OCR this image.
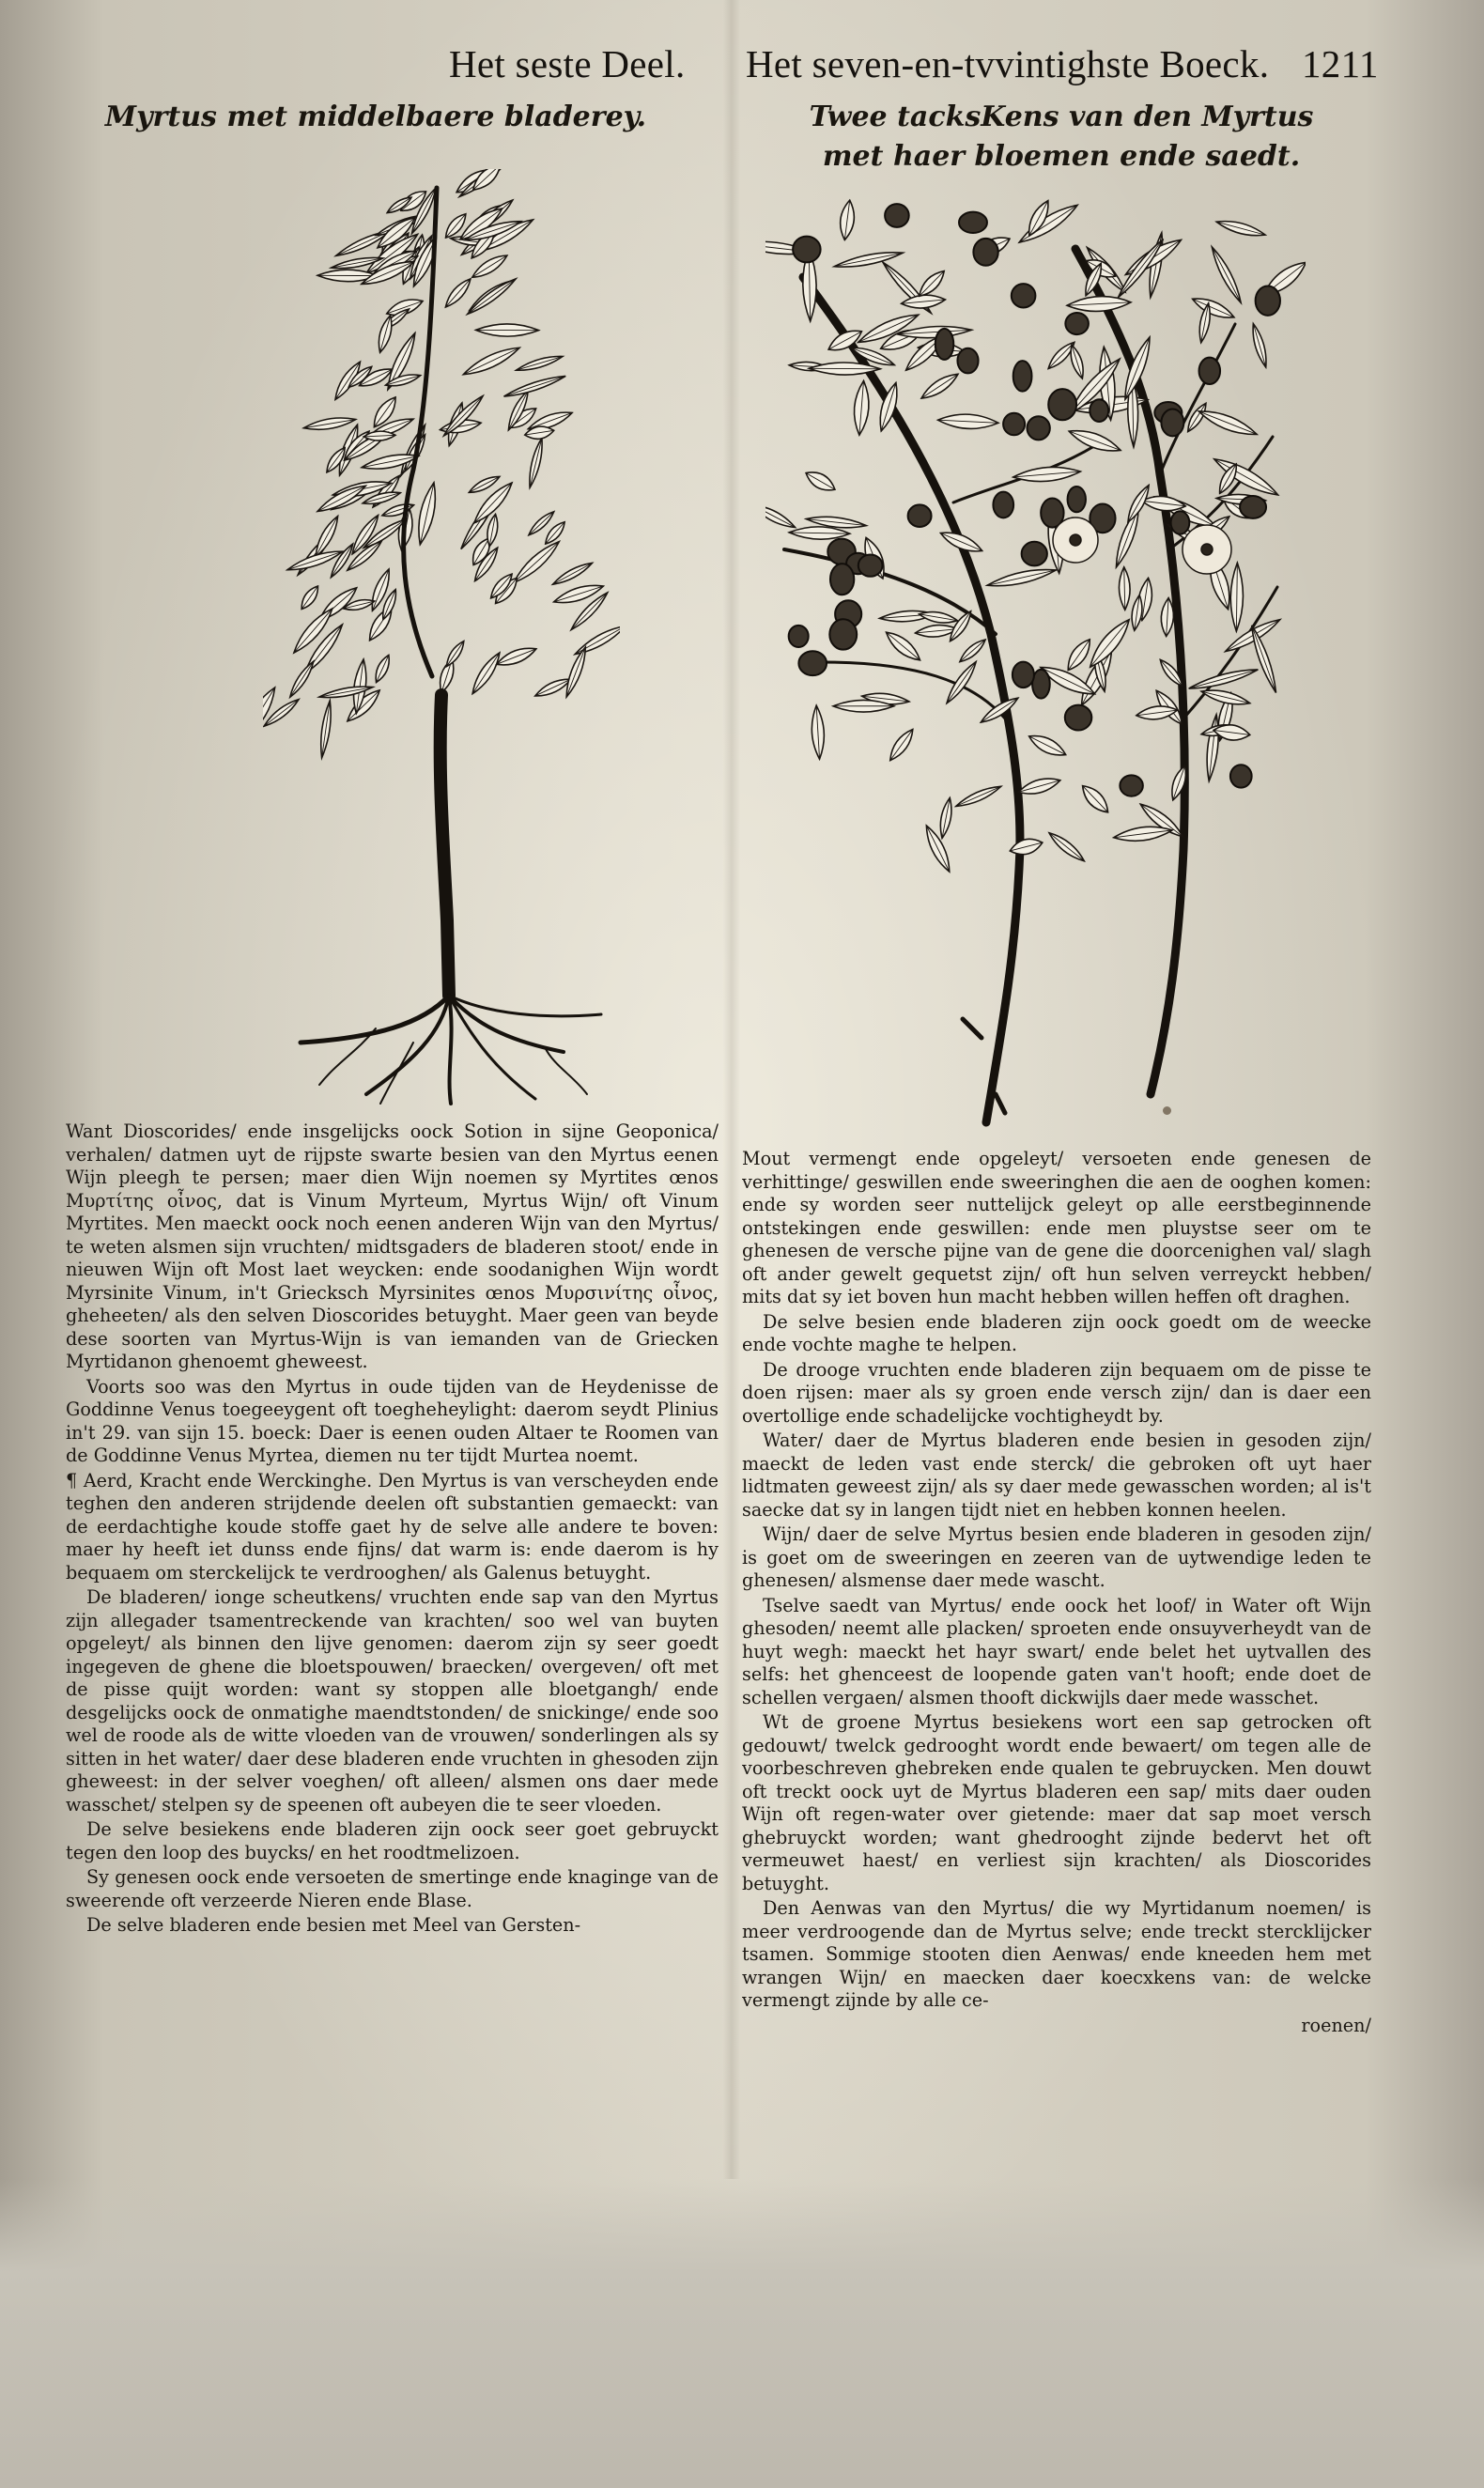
Het seste Deel. Het seven-en-tvvintighste Boeck. 1211
Myrtus met middelbaere bladerey.	Twee tacksKens van den Myrtus
met haer bloemen ende saedt.

Want Dioscorides/ ende insgelijcks oock Sotion in sijne Geoponica/ verhalen/ datmen uyt de rijpste swarte besien van den Myrtus eenen Wijn pleegh te persen; maer dien Wijn noemen sy Myrtites œnos Μυρτίτης οἶνος, dat is Vinum Myrteum, Myrtus Wijn/ oft Vinum Myrtites. Men maeckt oock noch eenen anderen Wijn van den Myrtus/ te weten alsmen sijn vruchten/ midtsgaders de bladeren stoot/ ende in nieuwen Wijn oft Most laet weycken: ende soodanighen Wijn wordt Myrsinite Vinum, in't Griecksch Myrsinites œnos Μυρσινίτης οἶνος, gheheeten/ als den selven Dioscorides betuyght. Maer geen van beyde dese soorten van Myrtus-Wijn is van iemanden van de Griecken Myrtidanon ghenoemt gheweest.

Voorts soo was den Myrtus in oude tijden van de Heydenisse de Goddinne Venus toegeeygent oft toegheheylight: daerom seydt Plinius in't 29. van sijn 15. boeck: Daer is eenen ouden Altaer te Roomen van de Goddinne Venus Myrtea, diemen nu ter tijdt Murtea noemt.

¶ Aerd, Kracht ende Werckinghe. Den Myrtus is van verscheyden ende teghen den anderen strijdende deelen oft substantien gemaeckt: van de eerdachtighe koude stoffe gaet hy de selve alle andere te boven: maer hy heeft iet dunss ende fijns/ dat warm is: ende daerom is hy bequaem om sterckelijck te verdrooghen/ als Galenus betuyght.

De bladeren/ ionge scheutkens/ vruchten ende sap van den Myrtus zijn allegader tsamentreckende van krachten/ soo wel van buyten opgeleyt/ als binnen den lijve genomen: daerom zijn sy seer goedt ingegeven de ghene die bloetspouwen/ braecken/ overgeven/ oft met de pisse quijt worden: want sy stoppen alle bloetgangh/ ende desgelijcks oock de onmatighe maendtstonden/ de snickinge/ ende soo wel de roode als de witte vloeden van de vrouwen/ sonderlingen als sy sitten in het water/ daer dese bladeren ende vruchten in ghesoden zijn gheweest: in der selver voeghen/ oft alleen/ alsmen ons daer mede wasschet/ stelpen sy de speenen oft aubeyen die te seer vloeden.

De selve besiekens ende bladeren zijn oock seer goet gebruyckt tegen den loop des buycks/ en het roodtmelizoen.

Sy genesen oock ende versoeten de smertinge ende knaginge van de sweerende oft verzeerde Nieren ende Blase.

De selve bladeren ende besien met Meel van Gersten-

Mout vermengt ende opgeleyt/ versoeten ende genesen de verhittinge/ geswillen ende sweeringhen die aen de ooghen komen: ende sy worden seer nuttelijck geleyt op alle eerstbeginnende ontstekingen ende geswillen: ende men pluystse seer om te ghenesen de versche pijne van de gene die doorcenighen val/ slagh oft ander gewelt gequetst zijn/ oft hun selven verreyckt hebben/ mits dat sy iet boven hun macht hebben willen heffen oft draghen.

De selve besien ende bladeren zijn oock goedt om de weecke ende vochte maghe te helpen.

De drooge vruchten ende bladeren zijn bequaem om de pisse te doen rijsen: maer als sy groen ende versch zijn/ dan is daer een overtollige ende schadelijcke vochtigheydt by.

Water/ daer de Myrtus bladeren ende besien in gesoden zijn/ maeckt de leden vast ende sterck/ die gebroken oft uyt haer lidtmaten geweest zijn/ als sy daer mede gewasschen worden; al is't saecke dat sy in langen tijdt niet en hebben konnen heelen.

Wijn/ daer de selve Myrtus besien ende bladeren in gesoden zijn/ is goet om de sweeringen en zeeren van de uytwendige leden te ghenesen/ alsmense daer mede wascht.

Tselve saedt van Myrtus/ ende oock het loof/ in Water oft Wijn ghesoden/ neemt alle placken/ sproeten ende onsuyverheydt van de huyt wegh: maeckt het hayr swart/ ende belet het uytvallen des selfs: het ghenceest de loopende gaten van't hooft; ende doet de schellen vergaen/ alsmen thooft dickwijls daer mede wasschet.

Wt de groene Myrtus besiekens wort een sap getrocken oft gedouwt/ twelck gedrooght wordt ende bewaert/ om tegen alle de voorbeschreven ghebreken ende qualen te gebruycken. Men douwt oft treckt oock uyt de Myrtus bladeren een sap/ mits daer ouden Wijn oft regen-water over gietende: maer dat sap moet versch ghebruyckt worden; want ghedrooght zijnde bedervt het oft vermeuwet haest/ en verliest sijn krachten/ als Dioscorides betuyght.

Den Aenwas van den Myrtus/ die wy Myrtidanum noemen/ is meer verdroogende dan de Myrtus selve; ende treckt stercklijcker tsamen. Sommige stooten dien Aenwas/ ende kneeden hem met wrangen Wijn/ en maecken daer koecxkens van: de welcke vermengt zijnde by alle ce-

roenen/
